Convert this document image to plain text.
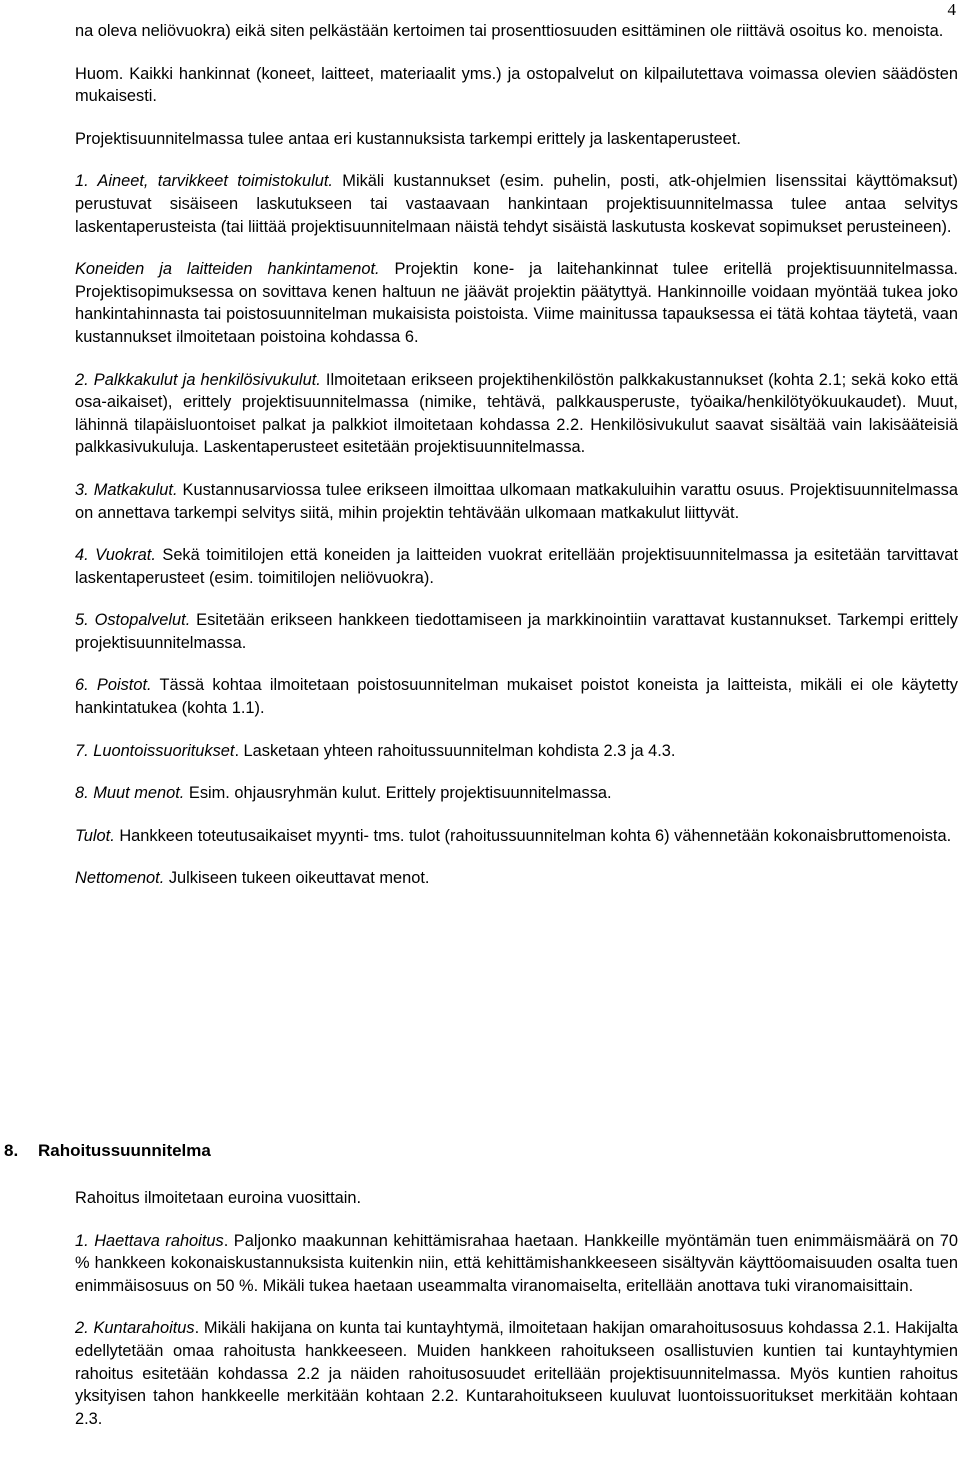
4

na oleva neliövuokra) eikä siten pelkästään kertoimen tai prosenttiosuuden esittäminen ole riittävä osoitus ko. menoista.

Huom. Kaikki hankinnat (koneet, laitteet, materiaalit yms.) ja ostopalvelut on kilpailutettava voimassa olevien säädösten mukaisesti.

Projektisuunnitelmassa tulee antaa eri kustannuksista tarkempi erittely ja laskentaperusteet.

1. Aineet, tarvikkeet toimistokulut. Mikäli kustannukset (esim. puhelin, posti, atk-ohjelmien lisenssitai käyttömaksut) perustuvat sisäiseen laskutukseen tai vastaavaan hankintaan projektisuunnitelmassa tulee antaa selvitys laskentaperusteista (tai liittää projektisuunnitelmaan näistä tehdyt sisäistä laskutusta koskevat sopimukset perusteineen).

Koneiden ja laitteiden hankintamenot. Projektin kone- ja laitehankinnat tulee eritellä projektisuunnitelmassa. Projektisopimuksessa on sovittava kenen haltuun ne jäävät projektin päätyttyä. Hankinnoille voidaan myöntää tukea joko hankintahinnasta tai poistosuunnitelman mukaisista poistoista. Viime mainitussa tapauksessa ei tätä kohtaa täytetä, vaan kustannukset ilmoitetaan poistoina kohdassa 6.

2. Palkkakulut ja henkilösivukulut. Ilmoitetaan erikseen projektihenkilöstön palkkakustannukset (kohta 2.1; sekä koko että osa-aikaiset), erittely projektisuunnitelmassa (nimike, tehtävä, palkkausperuste, työaika/henkilötyökuukaudet). Muut, lähinnä tilapäisluontoiset palkat ja palkkiot ilmoitetaan kohdassa 2.2. Henkilösivukulut saavat sisältää vain lakisääteisiä palkkasivukuluja. Laskentaperusteet esitetään projektisuunnitelmassa.

3. Matkakulut. Kustannusarviossa tulee erikseen ilmoittaa ulkomaan matkakuluihin varattu osuus. Projektisuunnitelmassa on annettava tarkempi selvitys siitä, mihin projektin tehtävään ulkomaan matkakulut liittyvät.

4. Vuokrat. Sekä toimitilojen että koneiden ja laitteiden vuokrat eritellään projektisuunnitelmassa ja esitetään tarvittavat laskentaperusteet (esim. toimitilojen neliövuokra).

5. Ostopalvelut. Esitetään erikseen hankkeen tiedottamiseen ja markkinointiin varattavat kustannukset. Tarkempi erittely projektisuunnitelmassa.

6. Poistot. Tässä kohtaa ilmoitetaan poistosuunnitelman mukaiset poistot koneista ja laitteista, mikäli ei ole käytetty hankintatukea (kohta 1.1).

7. Luontoissuoritukset. Lasketaan yhteen rahoitussuunnitelman kohdista 2.3 ja 4.3.

8. Muut menot. Esim. ohjausryhmän kulut. Erittely projektisuunnitelmassa.

Tulot. Hankkeen toteutusaikaiset myynti- tms. tulot (rahoitussuunnitelman kohta 6) vähennetään kokonaisbruttomenoista.

Nettomenot. Julkiseen tukeen oikeuttavat menot.

8. Rahoitussuunnitelma

Rahoitus ilmoitetaan euroina vuosittain.

1. Haettava rahoitus. Paljonko maakunnan kehittämisrahaa haetaan. Hankkeille myöntämän tuen enimmäismäärä on 70 % hankkeen kokonaiskustannuksista kuitenkin niin, että kehittämishankkeeseen sisältyvän käyttöomaisuuden osalta tuen enimmäisosuus on 50 %. Mikäli tukea haetaan useammalta viranomaiselta, eritellään anottava tuki viranomaisittain.

2. Kuntarahoitus. Mikäli hakijana on kunta tai kuntayhtymä, ilmoitetaan hakijan omarahoitusosuus kohdassa 2.1. Hakijalta edellytetään omaa rahoitusta hankkeeseen. Muiden hankkeen rahoitukseen osallistuvien kuntien tai kuntayhtymien rahoitus esitetään kohdassa 2.2 ja näiden rahoitusosuudet eritellään projektisuunnitelmassa. Myös kuntien rahoitus yksityisen tahon hankkeelle merkitään kohtaan 2.2. Kuntarahoitukseen kuuluvat luontoissuoritukset merkitään kohtaan 2.3.
